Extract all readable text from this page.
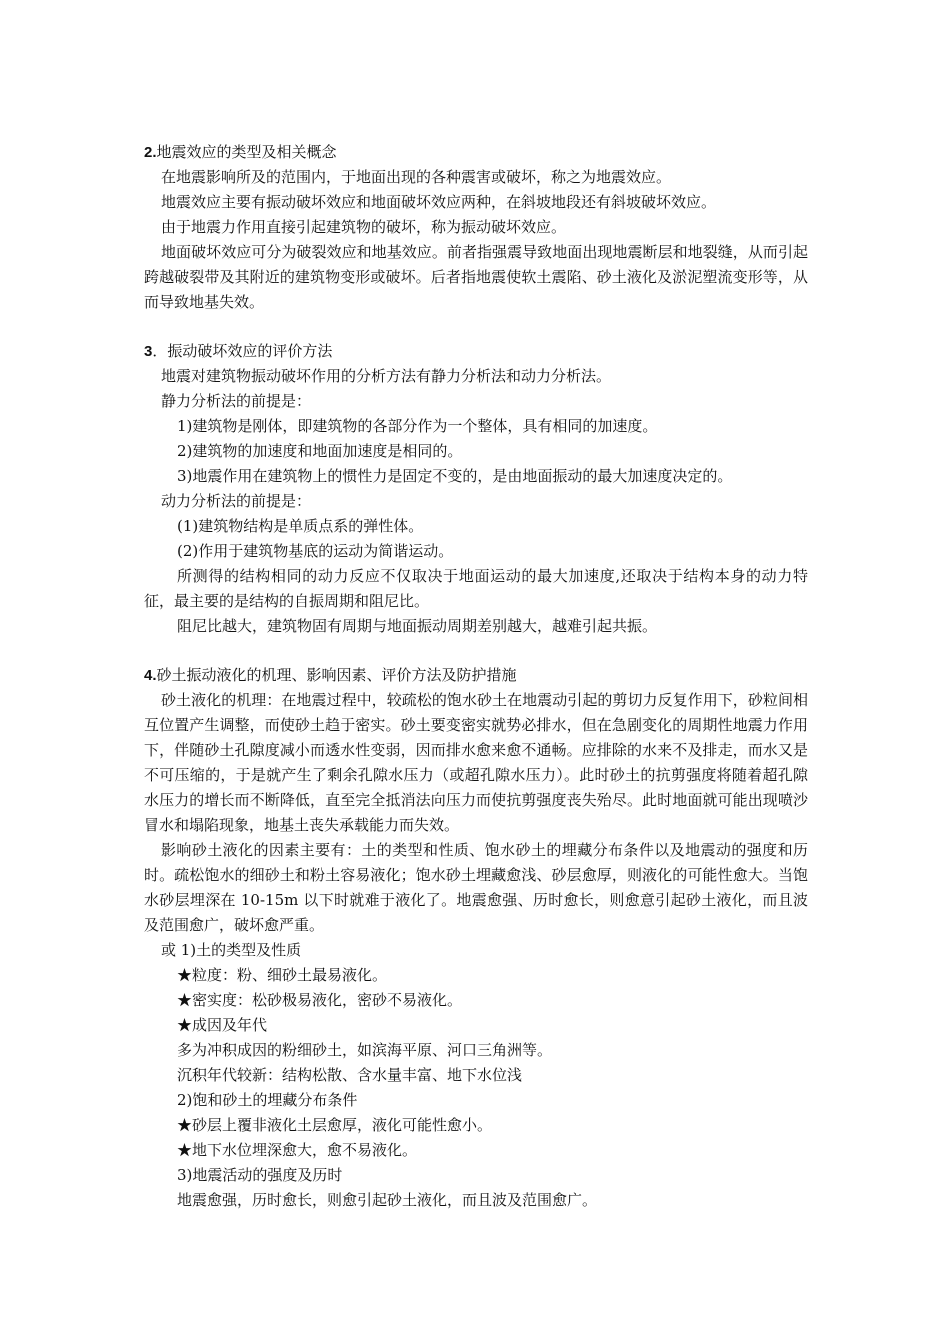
2.地震效应的类型及相关概念

在地震影响所及的范围内，于地面出现的各种震害或破坏，称之为地震效应。

地震效应主要有振动破坏效应和地面破坏效应两种，在斜坡地段还有斜坡破坏效应。

由于地震力作用直接引起建筑物的破坏，称为振动破坏效应。

地面破坏效应可分为破裂效应和地基效应。前者指强震导致地面出现地震断层和地裂缝，从而引起跨越破裂带及其附近的建筑物变形或破坏。后者指地震使软土震陷、砂土液化及淤泥塑流变形等，从而导致地基失效。

3．振动破坏效应的评价方法

地震对建筑物振动破坏作用的分析方法有静力分析法和动力分析法。

静力分析法的前提是：

1)建筑物是刚体，即建筑物的各部分作为一个整体，具有相同的加速度。

2)建筑物的加速度和地面加速度是相同的。

3)地震作用在建筑物上的惯性力是固定不变的，是由地面振动的最大加速度决定的。

动力分析法的前提是：

(1)建筑物结构是单质点系的弹性体。

(2)作用于建筑物基底的运动为简谐运动。

所测得的结构相同的动力反应不仅取决于地面运动的最大加速度,还取决于结构本身的动力特征，最主要的是结构的自振周期和阻尼比。

阻尼比越大，建筑物固有周期与地面振动周期差别越大，越难引起共振。

4.砂土振动液化的机理、影响因素、评价方法及防护措施

砂土液化的机理：在地震过程中，较疏松的饱水砂土在地震动引起的剪切力反复作用下，砂粒间相互位置产生调整，而使砂土趋于密实。砂土要变密实就势必排水，但在急剧变化的周期性地震力作用下，伴随砂土孔隙度减小而透水性变弱，因而排水愈来愈不通畅。应排除的水来不及排走，而水又是不可压缩的，于是就产生了剩余孔隙水压力（或超孔隙水压力）。此时砂土的抗剪强度将随着超孔隙水压力的增长而不断降低，直至完全抵消法向压力而使抗剪强度丧失殆尽。此时地面就可能出现喷沙冒水和塌陷现象，地基土丧失承载能力而失效。

影响砂土液化的因素主要有：土的类型和性质、饱水砂土的埋藏分布条件以及地震动的强度和历时。疏松饱水的细砂土和粉土容易液化；饱水砂土埋藏愈浅、砂层愈厚，则液化的可能性愈大。当饱水砂层埋深在 10-15m 以下时就难于液化了。地震愈强、历时愈长，则愈意引起砂土液化，而且波及范围愈广，破坏愈严重。

或 1)土的类型及性质

★粒度：粉、细砂土最易液化。

★密实度：松砂极易液化，密砂不易液化。

★成因及年代

多为冲积成因的粉细砂土，如滨海平原、河口三角洲等。

沉积年代较新：结构松散、含水量丰富、地下水位浅

2)饱和砂土的埋藏分布条件

★砂层上覆非液化土层愈厚，液化可能性愈小。

★地下水位埋深愈大，愈不易液化。

3)地震活动的强度及历时

地震愈强，历时愈长，则愈引起砂土液化，而且波及范围愈广。
